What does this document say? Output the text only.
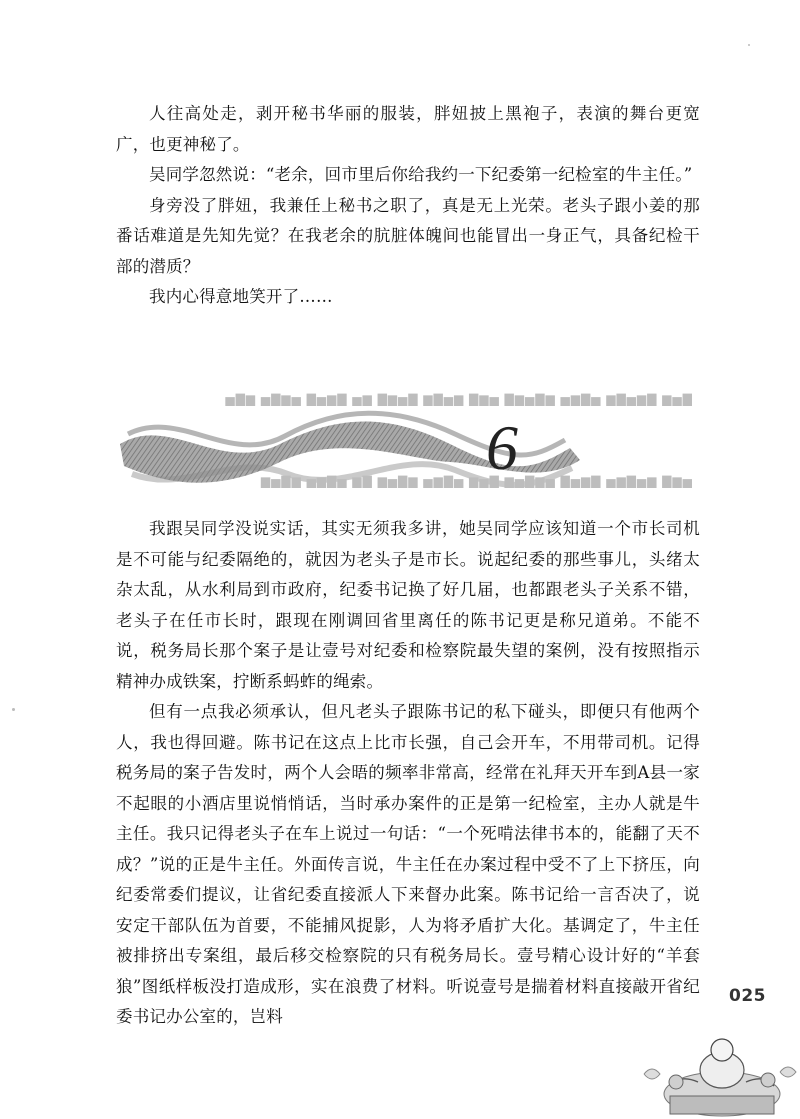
人往高处走，剥开秘书华丽的服装，胖妞披上黑袍子，表演的舞台更宽广，也更神秘了。

吴同学忽然说：“老余，回市里后你给我约一下纪委第一纪检室的牛主任。”

身旁没了胖妞，我兼任上秘书之职了，真是无上光荣。老头子跟小姜的那番话难道是先知先觉？在我老余的肮脏体魄间也能冒出一身正气，具备纪检干部的潜质？

我内心得意地笑开了……

▇▅▆ ▇▆▅▇▆ ▅▇▆▅ ▆▇▅▆▇ ▅▆▇ ▆▅▇▆ ▇▅▆▇ ▆▅ ▇▆▅▇ ▅▆▇▅ ▆▇▅
▅▆▇ ▆▅▇▆▅ ▇▆▅▇ ▅▆▇▅▆ ▇▅▆ ▅▇▆▅ ▆▇▅▆ ▇▆ ▅▇▆▅ ▆▇▅▆
6

我跟吴同学没说实话，其实无须我多讲，她吴同学应该知道一个市长司机是不可能与纪委隔绝的，就因为老头子是市长。说起纪委的那些事儿，头绪太杂太乱，从水利局到市政府，纪委书记换了好几届，也都跟老头子关系不错，老头子在任市长时，跟现在刚调回省里离任的陈书记更是称兄道弟。不能不说，税务局长那个案子是让壹号对纪委和检察院最失望的案例，没有按照指示精神办成铁案，拧断系蚂蚱的绳索。

但有一点我必须承认，但凡老头子跟陈书记的私下碰头，即便只有他两个人，我也得回避。陈书记在这点上比市长强，自己会开车，不用带司机。记得税务局的案子告发时，两个人会晤的频率非常高，经常在礼拜天开车到A县一家不起眼的小酒店里说悄悄话，当时承办案件的正是第一纪检室，主办人就是牛主任。我只记得老头子在车上说过一句话：“一个死啃法律书本的，能翻了天不成？”说的正是牛主任。外面传言说，牛主任在办案过程中受不了上下挤压，向纪委常委们提议，让省纪委直接派人下来督办此案。陈书记给一言否决了，说安定干部队伍为首要，不能捕风捉影，人为将矛盾扩大化。基调定了，牛主任被排挤出专案组，最后移交检察院的只有税务局长。壹号精心设计好的“羊套狼”图纸样板没打造成形，实在浪费了材料。听说壹号是揣着材料直接敲开省纪委书记办公室的，岂料

025
